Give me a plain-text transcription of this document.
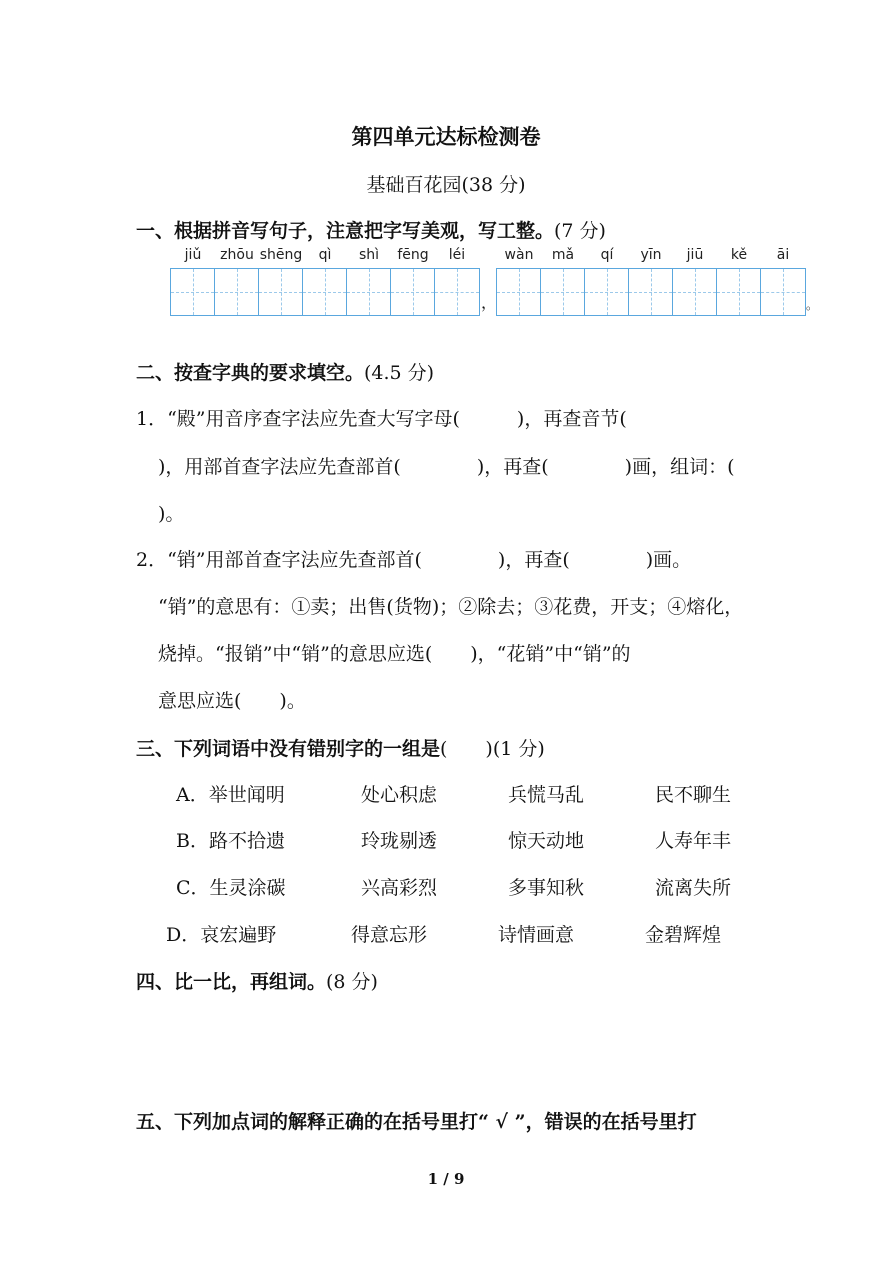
第四单元达标检测卷
基础百花园(38 分)
一、根据拼音写句子，注意把字写美观，写工整。(7 分)
jiǔ	zhōu shēng	qì	shì	fēng	léi	wàn	mǎ	qí	yīn	jiū	kě	āi
，	。
二、按查字典的要求填空。(4.5 分)
1．“殿”用音序查字法应先查大写字母(　　　)，再查音节(
)，用部首查字法应先查部首(　　　　)，再查(　　　　)画，组词：(
)。
2．“销”用部首查字法应先查部首(　　　　)，再查(　　　　)画。
“销”的意思有：①卖；出售(货物)；②除去；③花费，开支；④熔化，
烧掉。“报销”中“销”的意思应选(　　)，“花销”中“销”的
意思应选(　　)。
三、下列词语中没有错别字的一组是(　　)(1 分)
A．举世闻明	处心积虑	兵慌马乱	民不聊生
B．路不拾遗	玲珑剔透	惊天动地	人寿年丰
C．生灵涂碳	兴高彩烈	多事知秋	流离失所
D．哀宏遍野	得意忘形	诗情画意	金碧辉煌
四、比一比，再组词。(8 分)
五、下列加点词的解释正确的在括号里打“ √ ”，错误的在括号里打
1 / 9
